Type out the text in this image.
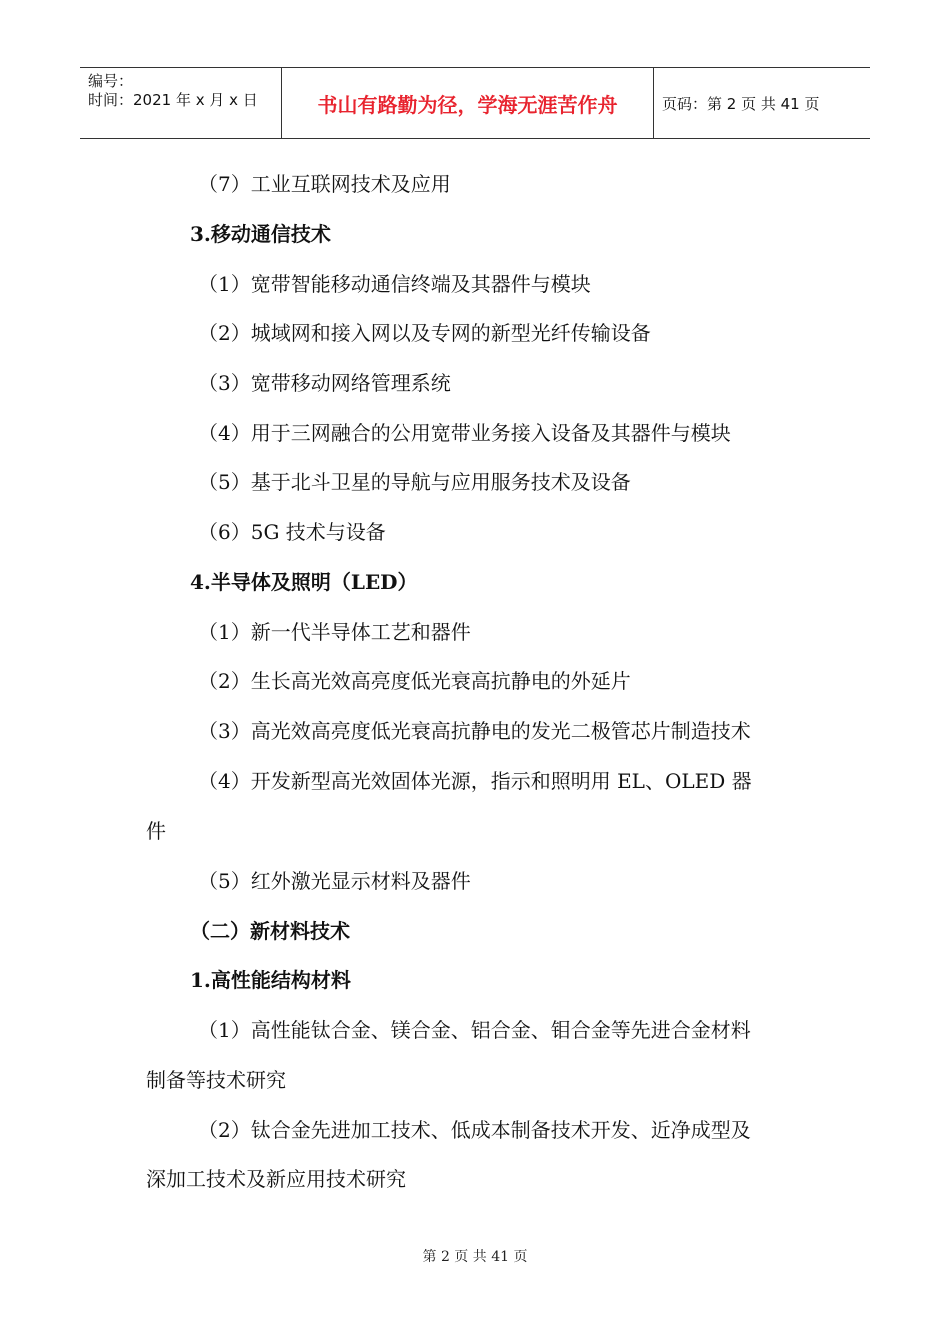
编号：
时间：2021 年 x 月 x 日	书山有路勤为径，学海无涯苦作舟	页码：第 2 页 共 41 页
（7）工业互联网技术及应用
3.移动通信技术
（1）宽带智能移动通信终端及其器件与模块
（2）城域网和接入网以及专网的新型光纤传输设备
（3）宽带移动网络管理系统
（4）用于三网融合的公用宽带业务接入设备及其器件与模块
（5）基于北斗卫星的导航与应用服务技术及设备
（6）5G 技术与设备
4.半导体及照明（LED）
（1）新一代半导体工艺和器件
（2）生长高光效高亮度低光衰高抗静电的外延片
（3）高光效高亮度低光衰高抗静电的发光二极管芯片制造技术
（4）开发新型高光效固体光源，指示和照明用 EL、OLED 器
件
（5）红外激光显示材料及器件
（二）新材料技术
1.高性能结构材料
（1）高性能钛合金、镁合金、铝合金、钼合金等先进合金材料
制备等技术研究
（2）钛合金先进加工技术、低成本制备技术开发、近净成型及
深加工技术及新应用技术研究
第 2 页 共 41 页
